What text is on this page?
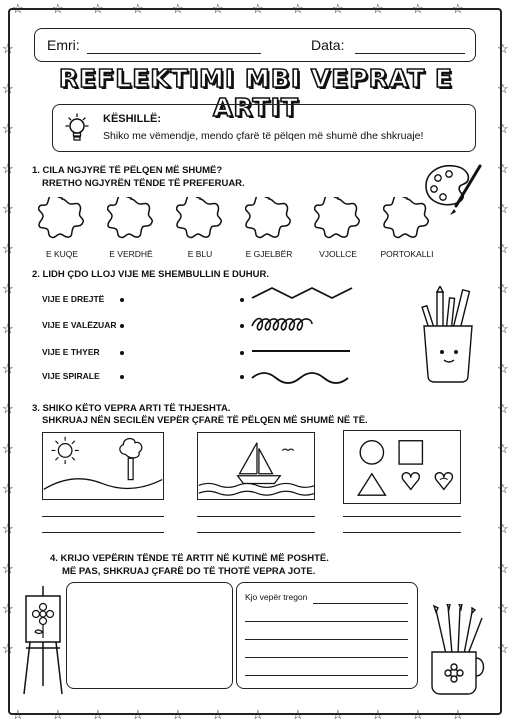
☆
☆
☆
☆
☆
☆
☆
☆
☆
☆
☆
☆
☆
☆
☆
☆
☆
☆
☆
☆
☆
☆
☆
☆
☆	☆
☆	☆
☆	☆
☆	☆
☆	☆
☆	☆
☆	☆
☆	☆
☆	☆
☆	☆
☆	☆
☆	☆
☆	☆
☆	☆
☆	☆
☆	☆
Emri:	Data:
REFLEKTIMI MBI VEPRAT E ARTIT
KËSHILLË:
Shiko me vëmendje, mendo çfarë të pëlqen më shumë dhe shkruaje!
1. CILA NGJYRË TË PËLQEN MË SHUMË?
RRETHO NGJYRËN TËNDE TË PREFERUAR.
E KUQE	E VERDHË	E BLU	E GJELBËR	VJOLLCE	PORTOKALLI
2. LIDH ÇDO LLOJ VIJE ME SHEMBULLIN E DUHUR.
VIJE E DREJTË
VIJE E VALËZUAR
VIJE E THYER
VIJE SPIRALE
3. SHIKO KËTO VEPRA ARTI TË THJESHTA.
SHKRUAJ NËN SECILËN VEPËR ÇFARË TË PËLQEN MË SHUMË NË TË.
4. KRIJO VEPËRIN TËNDE TË ARTIT NË KUTINË MË POSHTË.
MË PAS, SHKRUAJ ÇFARË DO TË THOTË VEPRA JOTE.
Kjo vepër tregon
